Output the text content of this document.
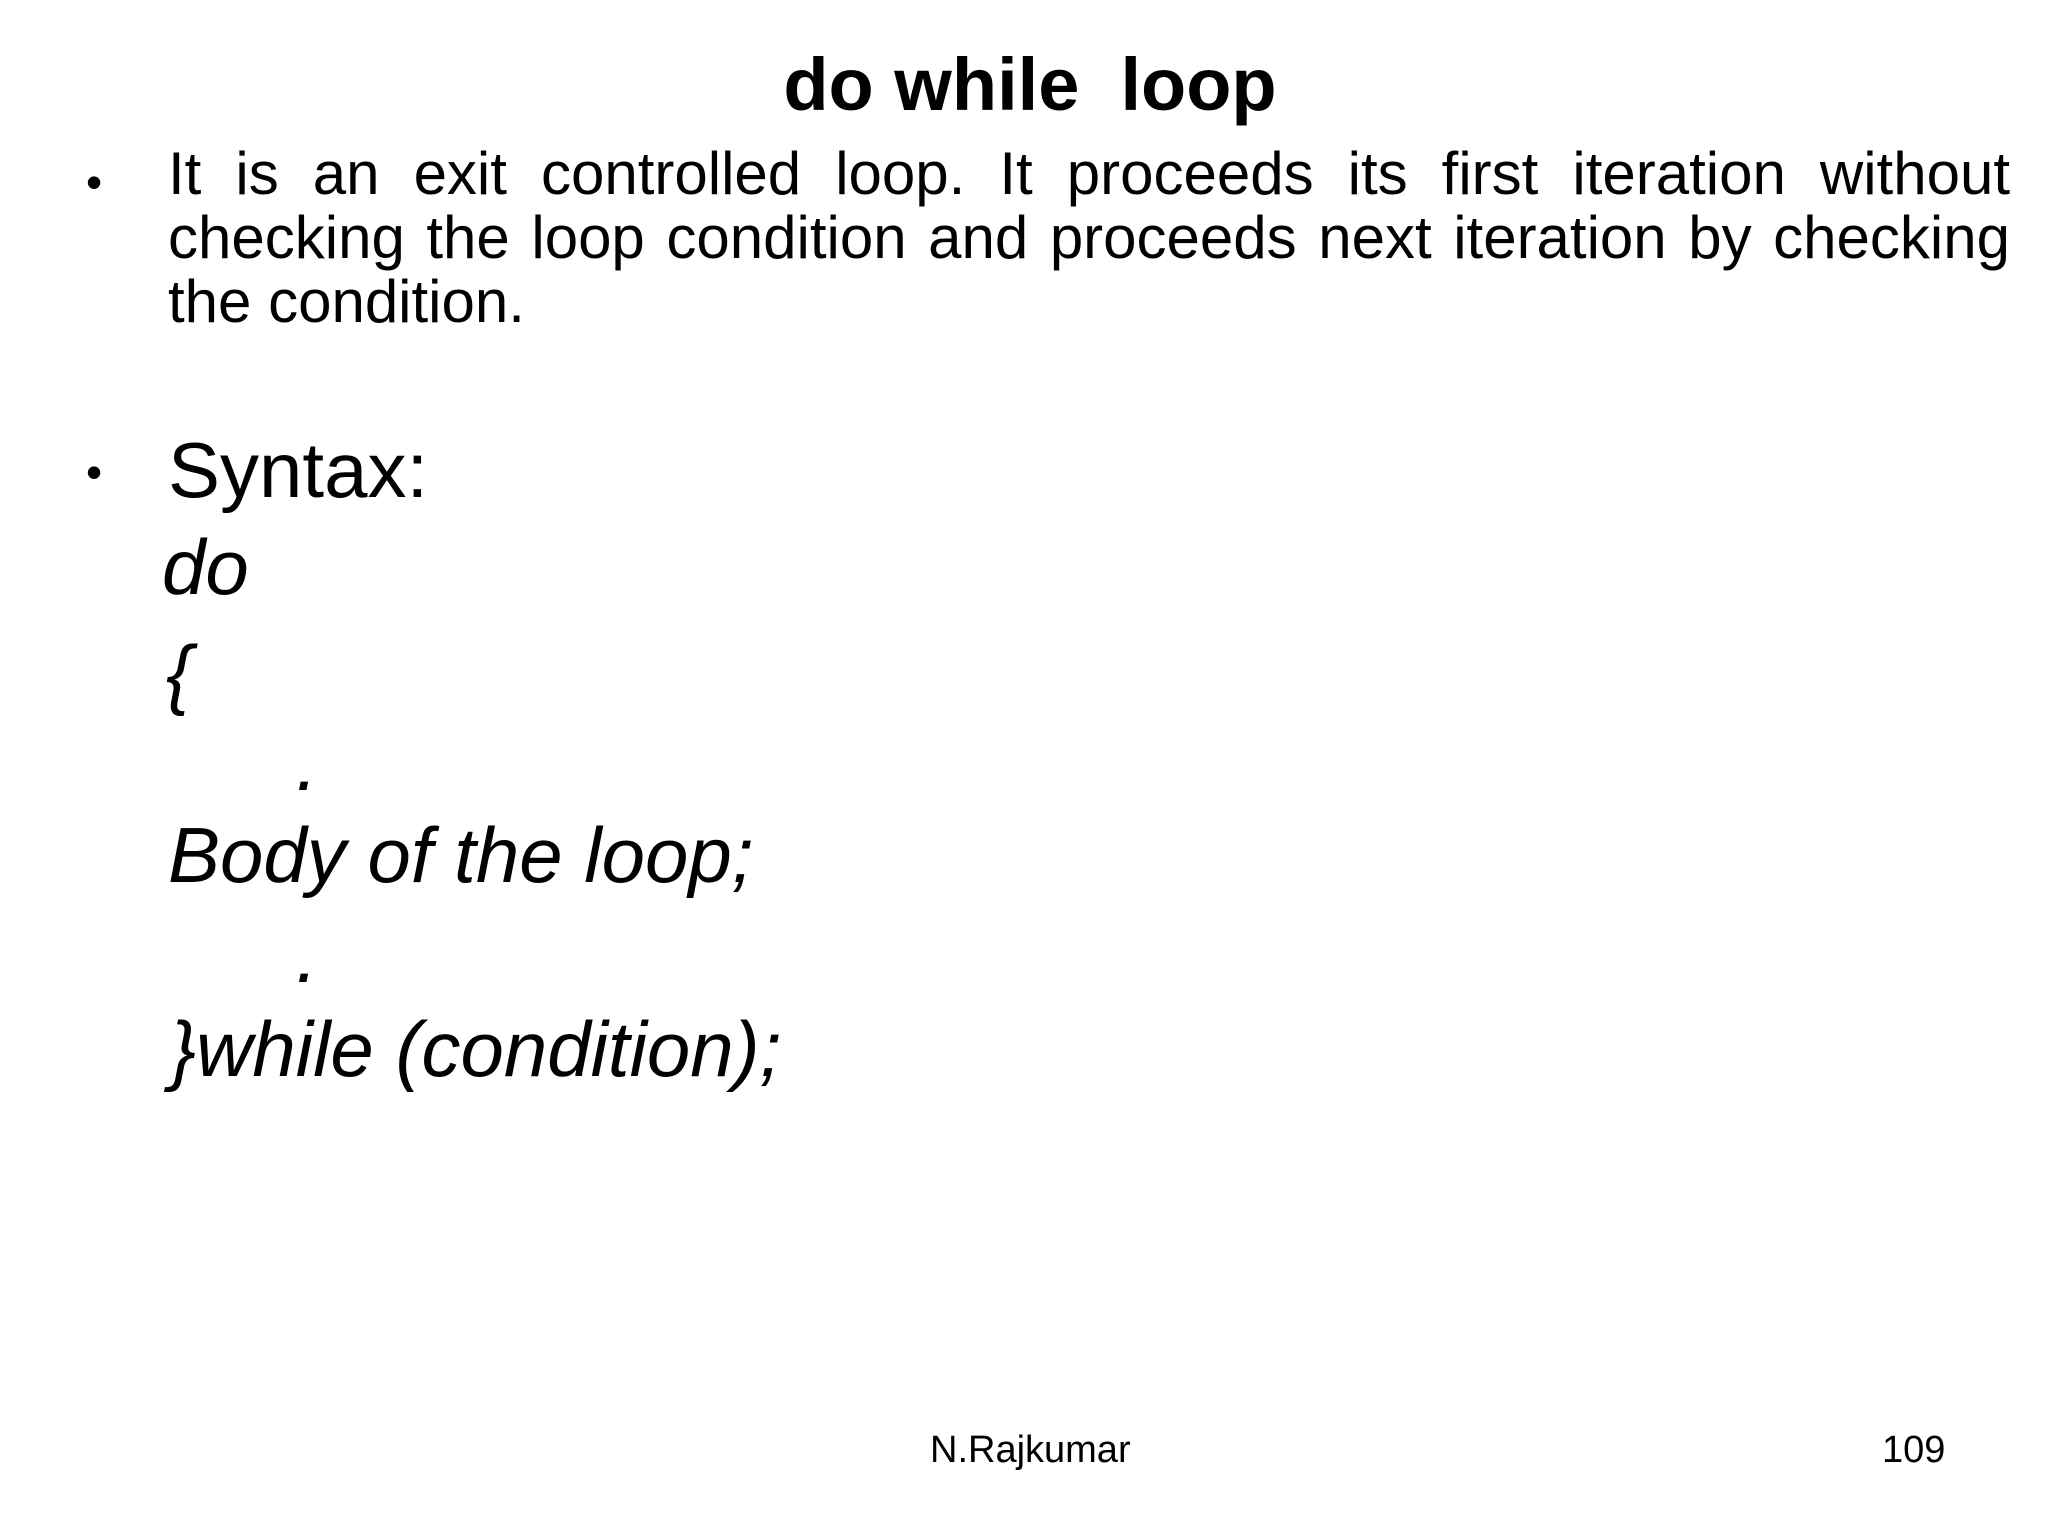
do while  loop
• It is an exit controlled loop. It proceeds its first iteration without checking the loop condition and proceeds next iteration by checking the condition.
• Syntax:
do
{
.
Body of the loop;
.
}while (condition);
N.Rajkumar	109
